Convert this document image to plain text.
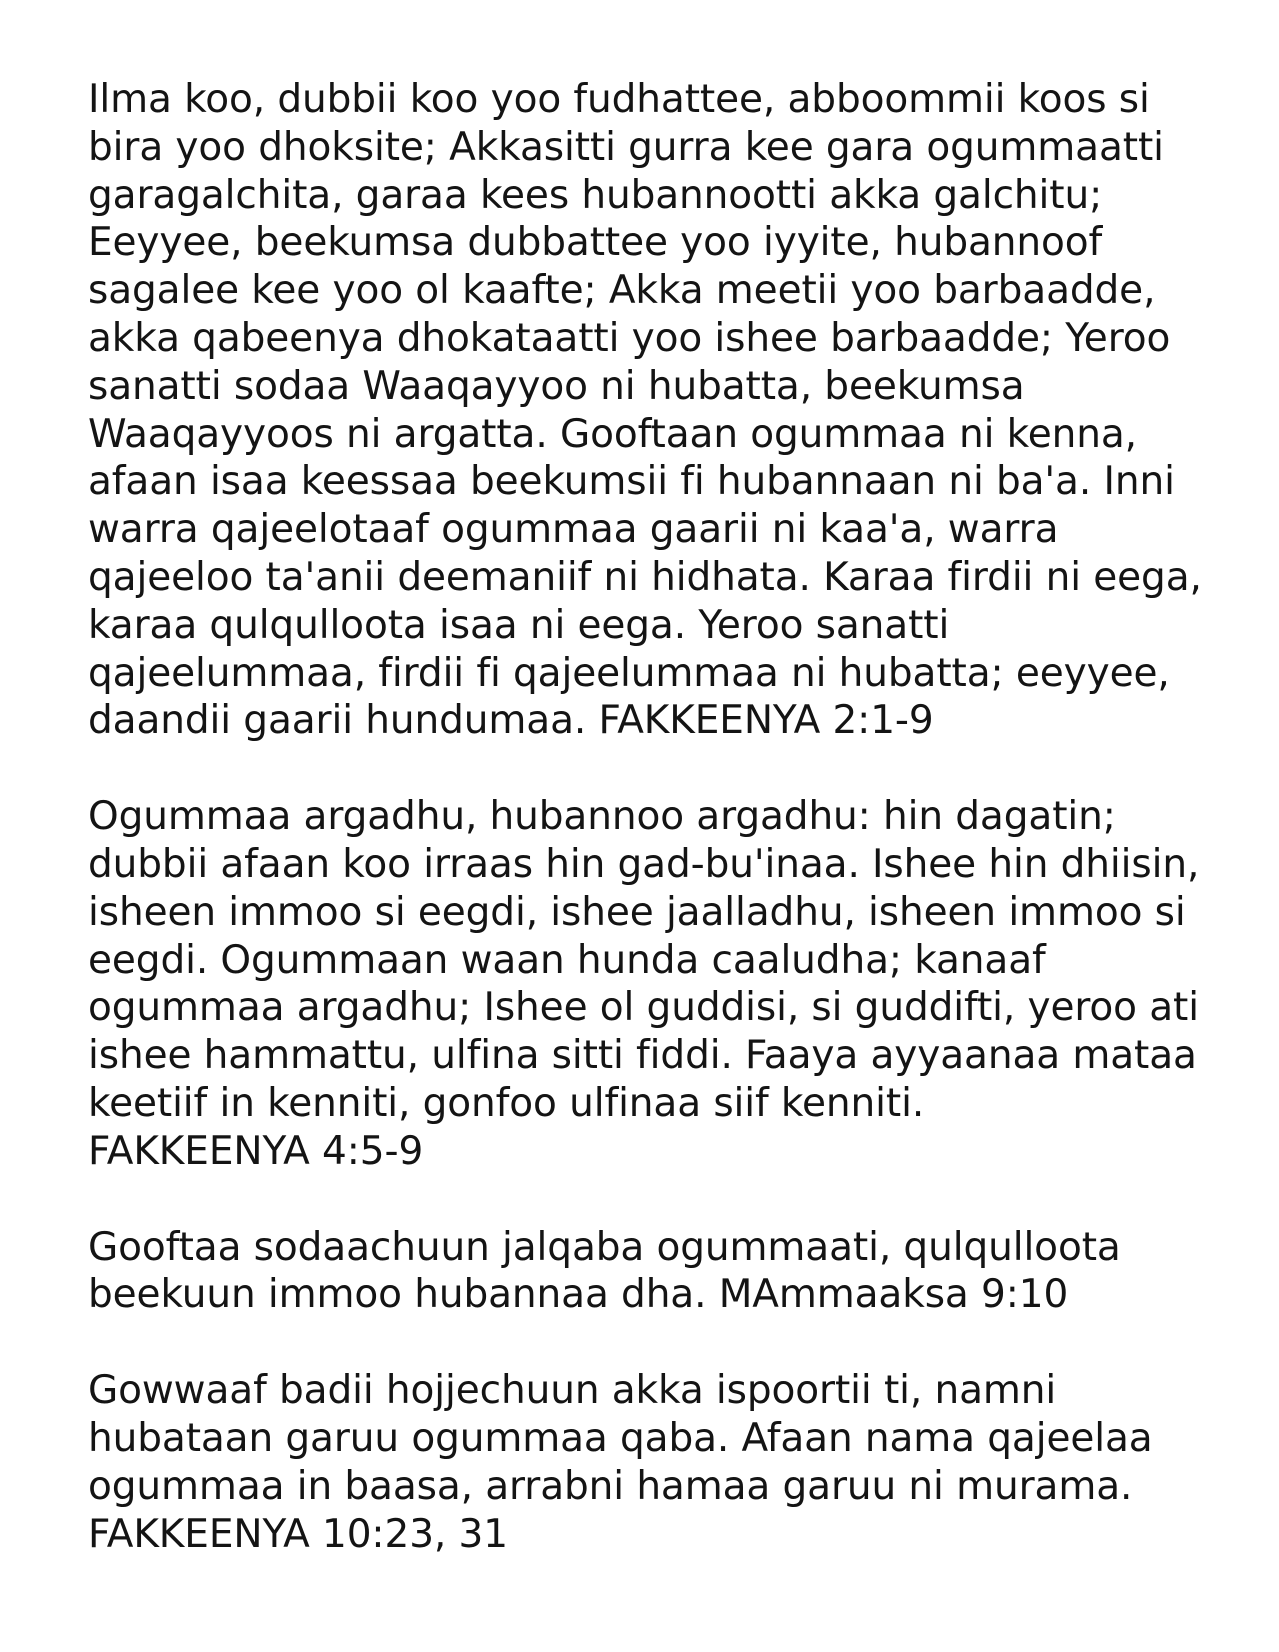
Ilma koo, dubbii koo yoo fudhattee, abboommii koos si
bira yoo dhoksite; Akkasitti gurra kee gara ogummaatti
garagalchita, garaa kees hubannootti akka galchitu;
Eeyyee, beekumsa dubbattee yoo iyyite, hubannoof
sagalee kee yoo ol kaafte; Akka meetii yoo barbaadde,
akka qabeenya dhokataatti yoo ishee barbaadde; Yeroo
sanatti sodaa Waaqayyoo ni hubatta, beekumsa
Waaqayyoos ni argatta. Gooftaan ogummaa ni kenna,
afaan isaa keessaa beekumsii fi hubannaan ni ba'a. Inni
warra qajeelotaaf ogummaa gaarii ni kaa'a, warra
qajeeloo ta'anii deemaniif ni hidhata. Karaa firdii ni eega,
karaa qulqulloota isaa ni eega. Yeroo sanatti
qajeelummaa, firdii fi qajeelummaa ni hubatta; eeyyee,
daandii gaarii hundumaa. FAKKEENYA 2:1-9

Ogummaa argadhu, hubannoo argadhu: hin dagatin;
dubbii afaan koo irraas hin gad-bu'inaa. Ishee hin dhiisin,
isheen immoo si eegdi, ishee jaalladhu, isheen immoo si
eegdi. Ogummaan waan hunda caaludha; kanaaf
ogummaa argadhu; Ishee ol guddisi, si guddifti, yeroo ati
ishee hammattu, ulfina sitti fiddi. Faaya ayyaanaa mataa
keetiif in kenniti, gonfoo ulfinaa siif kenniti.
FAKKEENYA 4:5-9

Gooftaa sodaachuun jalqaba ogummaati, qulqulloota
beekuun immoo hubannaa dha. MAmmaaksa 9:10

Gowwaaf badii hojjechuun akka ispoortii ti, namni
hubataan garuu ogummaa qaba. Afaan nama qajeelaa
ogummaa in baasa, arrabni hamaa garuu ni murama.
FAKKEENYA 10:23, 31
